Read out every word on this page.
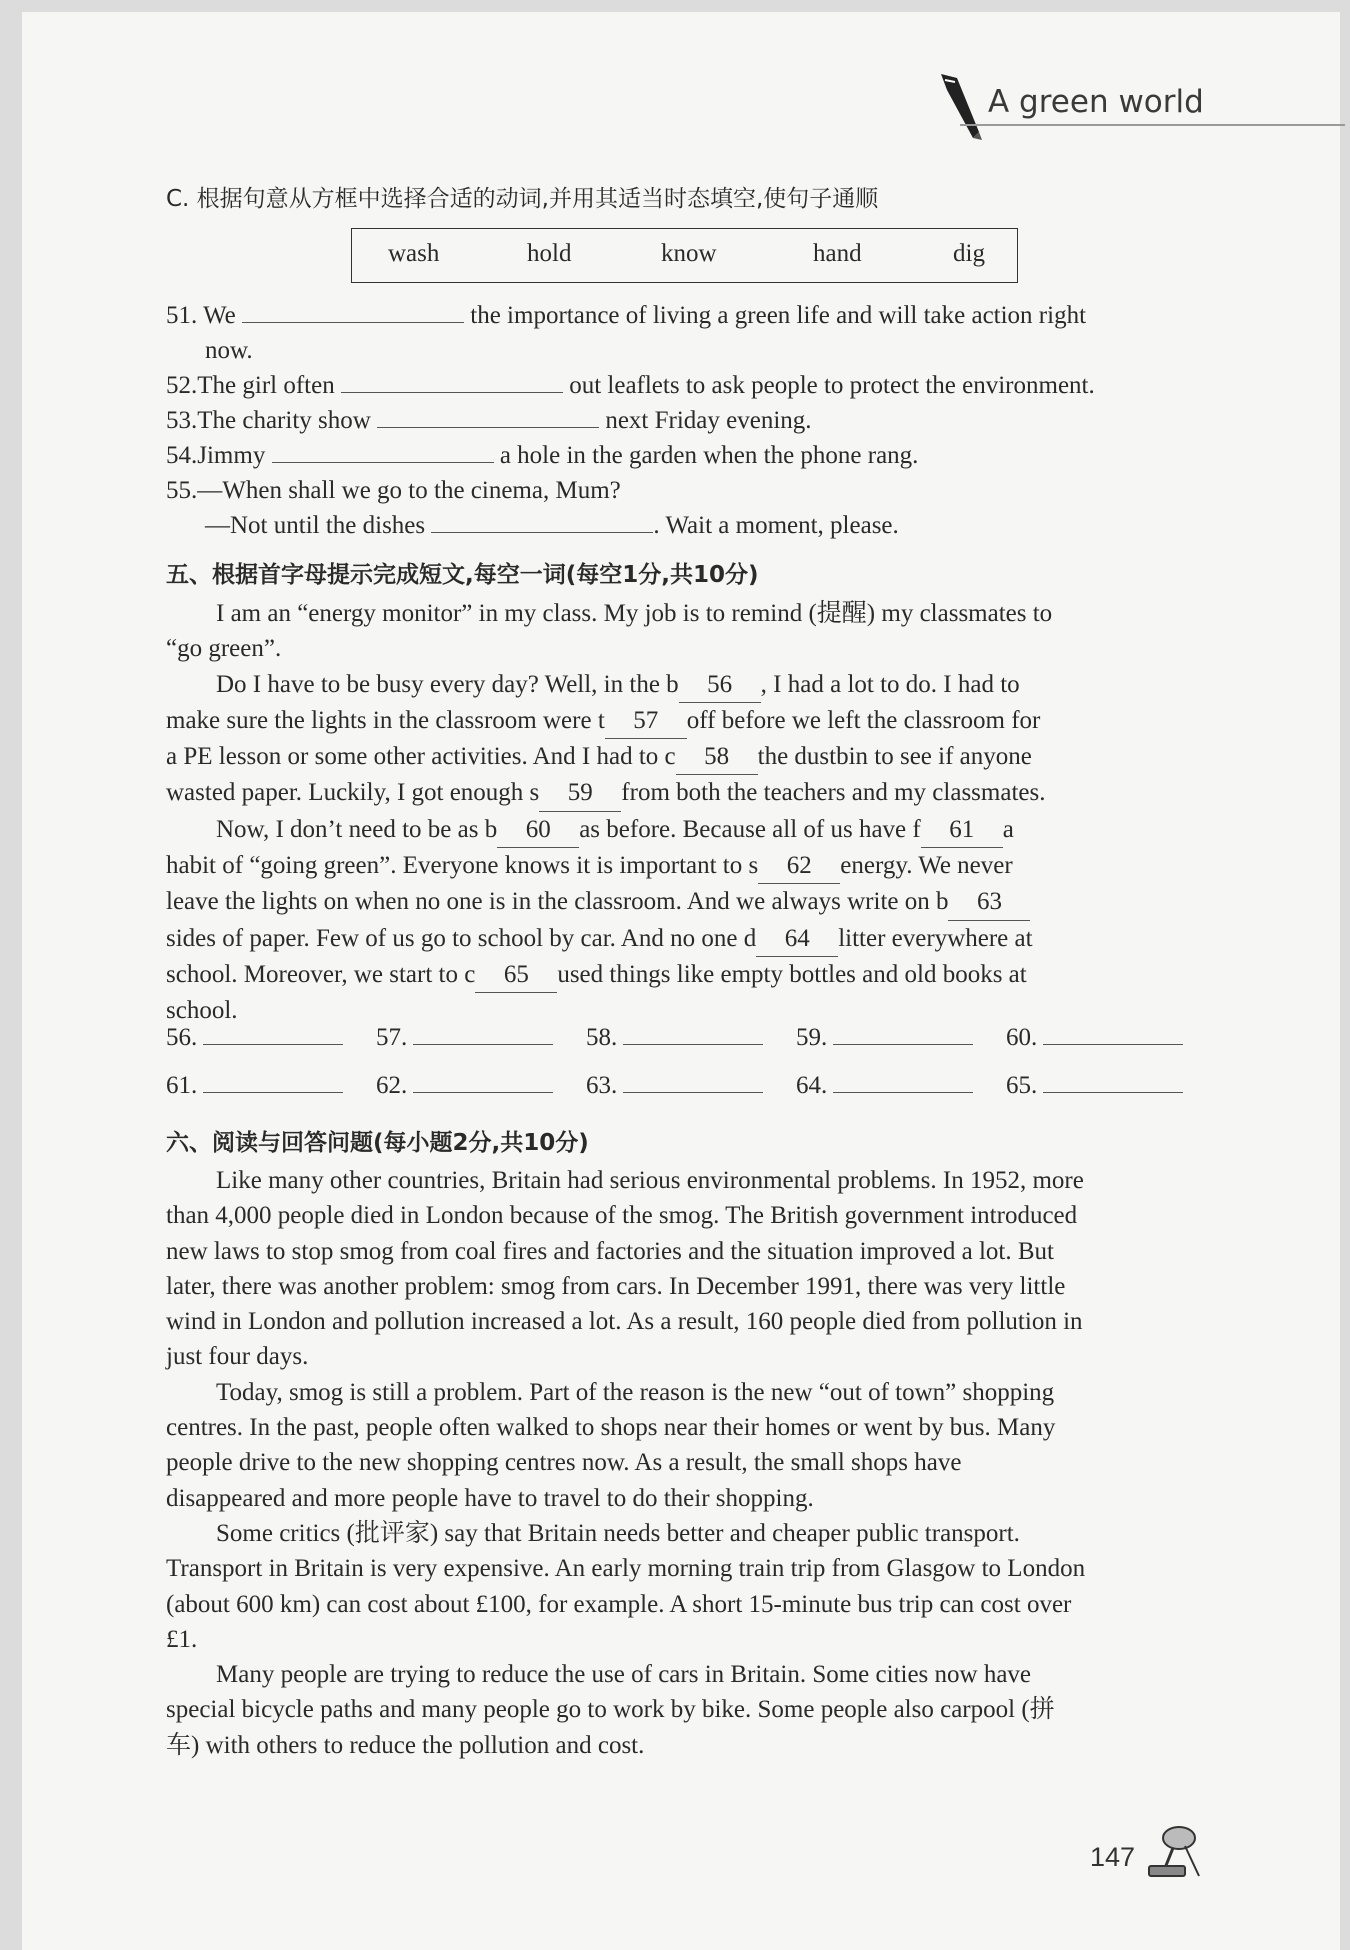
A green world
C. 根据句意从方框中选择合适的动词,并用其适当时态填空,使句子通顺
wash	hold	know	hand	dig
51. We	the importance of living a green life and will take action right
now.
52.The girl often	out leaflets to ask people to protect the environment.
53.The charity show	next Friday evening.
54.Jimmy	a hole in the garden when the phone rang.
55.—When shall we go to the cinema, Mum?
—Not until the dishes	. Wait a moment, please.
五、根据首字母提示完成短文,每空一词(每空1分,共10分)
I am an “energy monitor” in my class. My job is to remind (提醒) my classmates to
“go green”.
Do I have to be busy every day? Well, in the b 56 , I had a lot to do. I had to
make sure the lights in the classroom were t 57 off before we left the classroom for
a PE lesson or some other activities. And I had to c 58 the dustbin to see if anyone
wasted paper. Luckily, I got enough s 59 from both the teachers and my classmates.
Now, I don’t need to be as b 60 as before. Because all of us have f 61 a
habit of “going green”. Everyone knows it is important to s 62 energy. We never
leave the lights on when no one is in the classroom. And we always write on b 63
sides of paper. Few of us go to school by car. And no one d 64 litter everywhere at
school. Moreover, we start to c 65 used things like empty bottles and old books at
school.
56.	57.	58.	59.	60.
61.	62.	63.	64.	65.
六、阅读与回答问题(每小题2分,共10分)
Like many other countries, Britain had serious environmental problems. In 1952, more
than 4,000 people died in London because of the smog. The British government introduced
new laws to stop smog from coal fires and factories and the situation improved a lot. But
later, there was another problem: smog from cars. In December 1991, there was very little
wind in London and pollution increased a lot. As a result, 160 people died from pollution in
just four days.
Today, smog is still a problem. Part of the reason is the new “out of town” shopping
centres. In the past, people often walked to shops near their homes or went by bus. Many
people drive to the new shopping centres now. As a result, the small shops have
disappeared and more people have to travel to do their shopping.
Some critics (批评家) say that Britain needs better and cheaper public transport.
Transport in Britain is very expensive. An early morning train trip from Glasgow to London
(about 600 km) can cost about £100, for example. A short 15-minute bus trip can cost over
£1.
Many people are trying to reduce the use of cars in Britain. Some cities now have
special bicycle paths and many people go to work by bike. Some people also carpool (拼
车) with others to reduce the pollution and cost.
147
